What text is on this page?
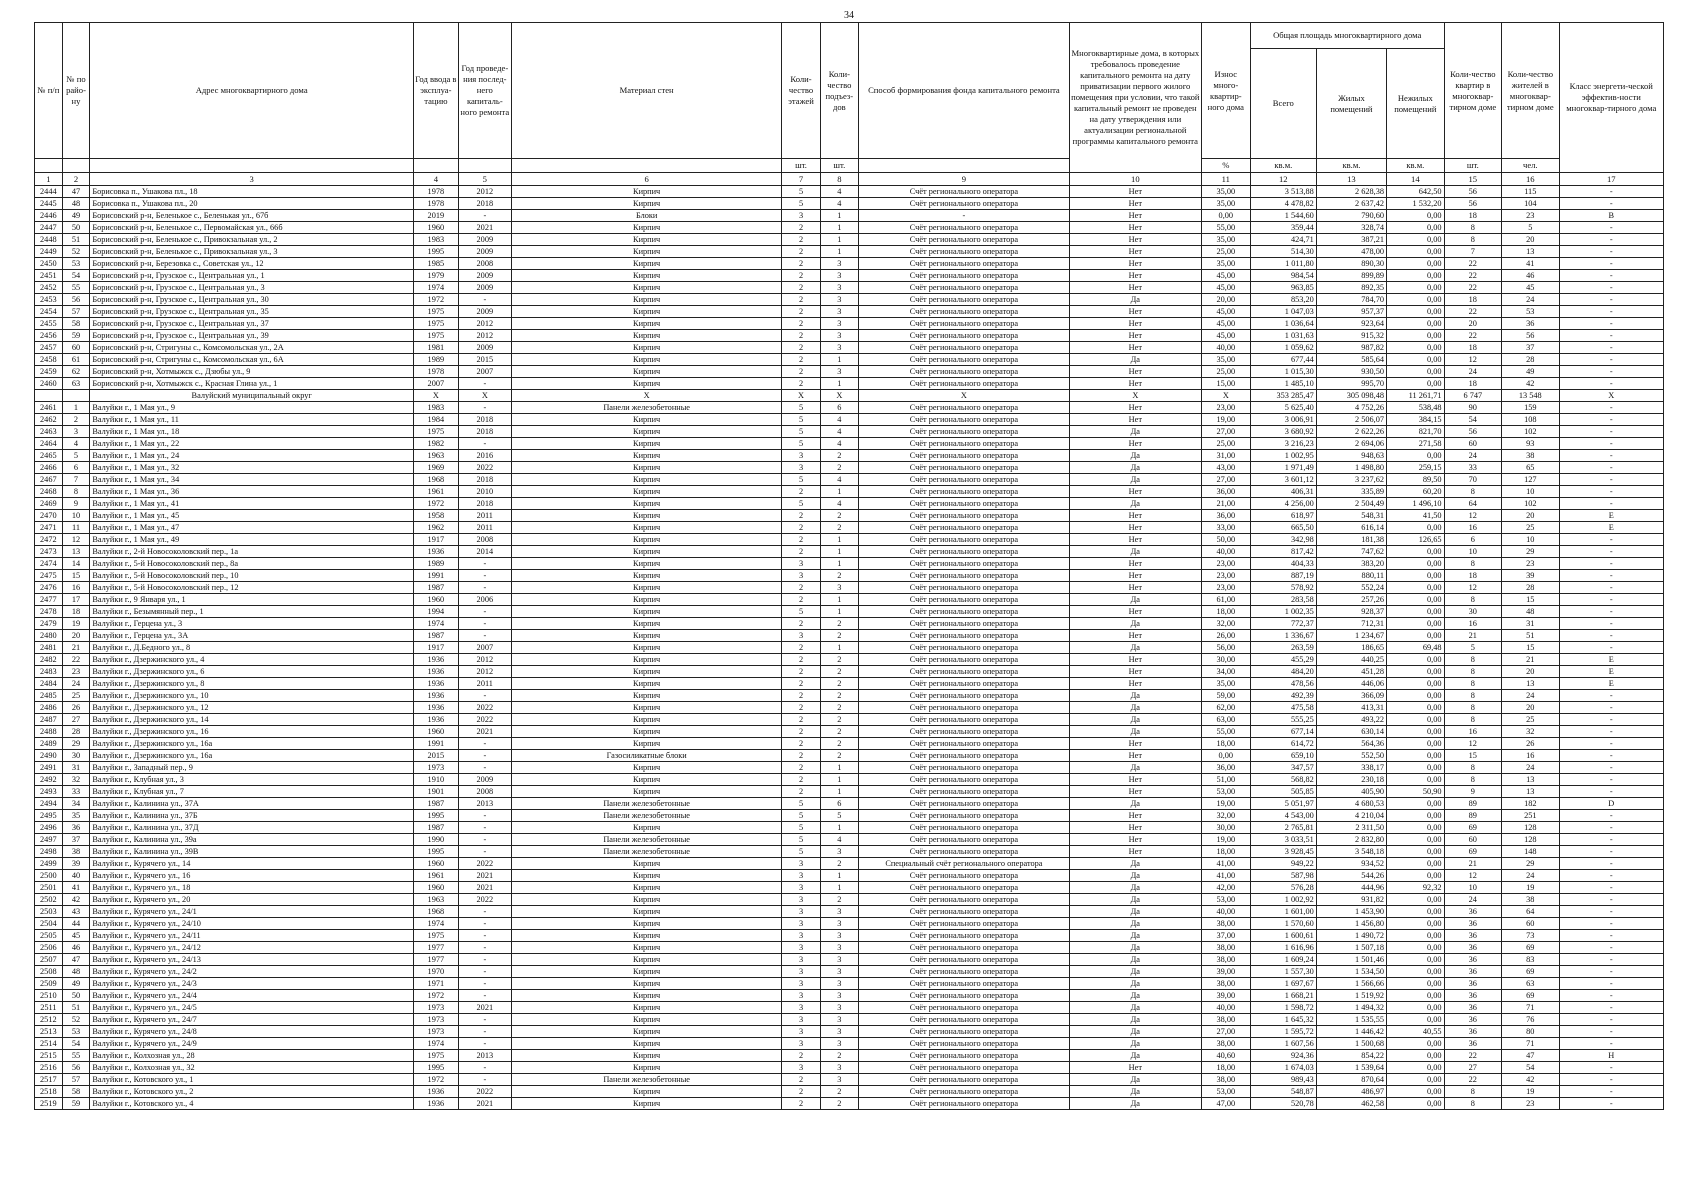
34
№ п/п	№ по райо-ну	Адрес многоквартирного дома	Год ввода в эксплуа-тацию	Год проведе-ния послед-него капиталь-ного ремонта	Материал стен	Коли-чество этажей	Коли-чество подъез-дов	Способ формирования фонда капитального ремонта	Многоквартирные дома, в которых требовалось проведение капитального ремонта на дату приватизации первого жилого помещения при условии, что такой капитальный ремонт не проведен на дату утверждения или актуализации региональной программы капитального ремонта	Износ много-квартир-ного дома	Общая площадь многоквартирного дома			Коли-чество квартир в многоквар-тирном доме	Коли-чество жителей в многоквар-тирном доме	Класс энергети-ческой эффектив-ности многоквар-тирного дома
											Всего	Жилых помещений	Нежилых помещений			
						шт.	шт.			%	кв.м.	кв.м.	кв.м.	шт.	чел.	
1	2	3	4	5	6	7	8	9	10	11	12	13	14	15	16	17
2444	47	Борисовка п., Ушакова пл., 18	1978	2012	Кирпич	5	4	Счёт регионального оператора	Нет	35,00	3 513,88	2 628,38	642,50	56	115	-
2445	48	Борисовка п., Ушакова пл., 20	1978	2018	Кирпич	5	4	Счёт регионального оператора	Нет	35,00	4 478,82	2 637,42	1 532,20	56	104	-
2446	49	Борисовский р-н, Беленькое с., Беленькая ул., 67б	2019	-	Блоки	3	1	-	Нет	0,00	1 544,60	790,60	0,00	18	23	В
2447	50	Борисовский р-н, Беленькое с., Первомайская ул., 66б	1960	2021	Кирпич	2	1	Счёт регионального оператора	Нет	55,00	359,44	328,74	0,00	8	5	-
2448	51	Борисовский р-н, Беленькое с., Привокзальная ул., 2	1983	2009	Кирпич	2	1	Счёт регионального оператора	Нет	35,00	424,71	387,21	0,00	8	20	-
2449	52	Борисовский р-н, Беленькое с., Привокзальная ул., 3	1995	2009	Кирпич	2	1	Счёт регионального оператора	Нет	25,00	514,30	478,00	0,00	7	13	-
2450	53	Борисовский р-н, Березовка с., Советская ул., 12	1985	2008	Кирпич	2	3	Счёт регионального оператора	Нет	35,00	1 011,80	890,30	0,00	22	41	-
2451	54	Борисовский р-н, Грузское с., Центральная ул., 1	1979	2009	Кирпич	2	3	Счёт регионального оператора	Нет	45,00	984,54	899,89	0,00	22	46	-
2452	55	Борисовский р-н, Грузское с., Центральная ул., 3	1974	2009	Кирпич	2	3	Счёт регионального оператора	Нет	45,00	963,85	892,35	0,00	22	45	-
2453	56	Борисовский р-н, Грузское с., Центральная ул., 30	1972	-	Кирпич	2	3	Счёт регионального оператора	Да	20,00	853,20	784,70	0,00	18	24	-
2454	57	Борисовский р-н, Грузское с., Центральная ул., 35	1975	2009	Кирпич	2	3	Счёт регионального оператора	Нет	45,00	1 047,03	957,37	0,00	22	53	-
2455	58	Борисовский р-н, Грузское с., Центральная ул., 37	1975	2012	Кирпич	2	3	Счёт регионального оператора	Нет	45,00	1 036,64	923,64	0,00	20	36	-
2456	59	Борисовский р-н, Грузское с., Центральная ул., 39	1975	2012	Кирпич	2	3	Счёт регионального оператора	Нет	45,00	1 031,63	915,32	0,00	22	56	-
2457	60	Борисовский р-н, Стригуны с., Комсомольская ул., 2А	1981	2009	Кирпич	2	3	Счёт регионального оператора	Нет	40,00	1 059,62	987,82	0,00	18	37	-
2458	61	Борисовский р-н, Стригуны с., Комсомольская ул., 6А	1989	2015	Кирпич	2	1	Счёт регионального оператора	Да	35,00	677,44	585,64	0,00	12	28	-
2459	62	Борисовский р-н, Хотмыжск с., Дзюбы ул., 9	1978	2007	Кирпич	2	3	Счёт регионального оператора	Нет	25,00	1 015,30	930,50	0,00	24	49	-
2460	63	Борисовский р-н, Хотмыжск с., Красная Глина ул., 1	2007	-	Кирпич	2	1	Счёт регионального оператора	Нет	15,00	1 485,10	995,70	0,00	18	42	-
		Валуйский муниципальный округ	X	X	X	X	X	X	X	X	353 285,47	305 098,48	11 261,71	6 747	13 548	X
2461	1	Валуйки г., 1 Мая ул., 9	1983	-	Панели железобетонные	5	6	Счёт регионального оператора	Нет	23,00	5 625,40	4 752,26	538,48	90	159	-
2462	2	Валуйки г., 1 Мая ул., 11	1984	2018	Кирпич	5	4	Счёт регионального оператора	Нет	19,00	3 006,91	2 506,07	384,15	54	108	-
2463	3	Валуйки г., 1 Мая ул., 18	1975	2018	Кирпич	5	4	Счёт регионального оператора	Да	27,00	3 680,92	2 622,26	821,70	56	102	-
2464	4	Валуйки г., 1 Мая ул., 22	1982	-	Кирпич	5	4	Счёт регионального оператора	Нет	25,00	3 216,23	2 694,06	271,58	60	93	-
2465	5	Валуйки г., 1 Мая ул., 24	1963	2016	Кирпич	3	2	Счёт регионального оператора	Да	31,00	1 002,95	948,63	0,00	24	38	-
2466	6	Валуйки г., 1 Мая ул., 32	1969	2022	Кирпич	3	2	Счёт регионального оператора	Да	43,00	1 971,49	1 498,80	259,15	33	65	-
2467	7	Валуйки г., 1 Мая ул., 34	1968	2018	Кирпич	5	4	Счёт регионального оператора	Да	27,00	3 601,12	3 237,62	89,50	70	127	-
2468	8	Валуйки г., 1 Мая ул., 36	1961	2010	Кирпич	2	1	Счёт регионального оператора	Нет	36,00	406,31	335,89	60,20	8	10	-
2469	9	Валуйки г., 1 Мая ул., 41	1972	2018	Кирпич	5	4	Счёт регионального оператора	Да	21,00	4 256,00	2 504,49	1 496,10	64	102	-
2470	10	Валуйки г., 1 Мая ул., 45	1958	2011	Кирпич	2	2	Счёт регионального оператора	Нет	36,00	618,97	548,31	41,50	12	20	Е
2471	11	Валуйки г., 1 Мая ул., 47	1962	2011	Кирпич	2	2	Счёт регионального оператора	Нет	33,00	665,50	616,14	0,00	16	25	Е
2472	12	Валуйки г., 1 Мая ул., 49	1917	2008	Кирпич	2	1	Счёт регионального оператора	Нет	50,00	342,98	181,38	126,65	6	10	-
2473	13	Валуйки г., 2-й Новосоколовский пер., 1а	1936	2014	Кирпич	2	1	Счёт регионального оператора	Да	40,00	817,42	747,62	0,00	10	29	-
2474	14	Валуйки г., 5-й Новосоколовский пер., 8а	1989	-	Кирпич	3	1	Счёт регионального оператора	Нет	23,00	404,33	383,20	0,00	8	23	-
2475	15	Валуйки г., 5-й Новосоколовский пер., 10	1991	-	Кирпич	3	2	Счёт регионального оператора	Нет	23,00	887,19	880,11	0,00	18	39	-
2476	16	Валуйки г., 5-й Новосоколовский пер., 12	1987	-	Кирпич	2	3	Счёт регионального оператора	Нет	23,00	578,92	552,24	0,00	12	28	-
2477	17	Валуйки г., 9 Января ул., 1	1960	2006	Кирпич	2	1	Счёт регионального оператора	Да	61,00	283,58	257,26	0,00	8	15	-
2478	18	Валуйки г., Безымянный пер., 1	1994	-	Кирпич	5	1	Счёт регионального оператора	Нет	18,00	1 002,35	928,37	0,00	30	48	-
2479	19	Валуйки г., Герцена ул., 3	1974	-	Кирпич	2	2	Счёт регионального оператора	Да	32,00	772,37	712,31	0,00	16	31	-
2480	20	Валуйки г., Герцена ул., 3А	1987	-	Кирпич	3	2	Счёт регионального оператора	Нет	26,00	1 336,67	1 234,67	0,00	21	51	-
2481	21	Валуйки г., Д.Бедного ул., 8	1917	2007	Кирпич	2	1	Счёт регионального оператора	Да	56,00	263,59	186,65	69,48	5	15	-
2482	22	Валуйки г., Дзержинского ул., 4	1936	2012	Кирпич	2	2	Счёт регионального оператора	Нет	30,00	455,29	440,25	0,00	8	21	Е
2483	23	Валуйки г., Дзержинского ул., 6	1936	2012	Кирпич	2	2	Счёт регионального оператора	Нет	34,00	484,20	451,28	0,00	8	20	Е
2484	24	Валуйки г., Дзержинского ул., 8	1936	2011	Кирпич	2	2	Счёт регионального оператора	Нет	35,00	478,56	446,06	0,00	8	13	Е
2485	25	Валуйки г., Дзержинского ул., 10	1936	-	Кирпич	2	2	Счёт регионального оператора	Да	59,00	492,39	366,09	0,00	8	24	-
2486	26	Валуйки г., Дзержинского ул., 12	1936	2022	Кирпич	2	2	Счёт регионального оператора	Да	62,00	475,58	413,31	0,00	8	20	-
2487	27	Валуйки г., Дзержинского ул., 14	1936	2022	Кирпич	2	2	Счёт регионального оператора	Да	63,00	555,25	493,22	0,00	8	25	-
2488	28	Валуйки г., Дзержинского ул., 16	1960	2021	Кирпич	2	2	Счёт регионального оператора	Да	55,00	677,14	630,14	0,00	16	32	-
2489	29	Валуйки г., Дзержинского ул., 16а	1991	-	Кирпич	2	2	Счёт регионального оператора	Нет	18,00	614,72	564,36	0,00	12	26	-
2490	30	Валуйки г., Дзержинского ул., 16а	2015	-	Газосиликатные блоки	2	2	Счёт регионального оператора	Нет	0,00	659,10	552,50	0,00	15	16	-
2491	31	Валуйки г., Западный пер., 9	1973	-	Кирпич	2	1	Счёт регионального оператора	Да	36,00	347,57	338,17	0,00	8	24	-
2492	32	Валуйки г., Клубная ул., 3	1910	2009	Кирпич	2	1	Счёт регионального оператора	Нет	51,00	568,82	230,18	0,00	8	13	-
2493	33	Валуйки г., Клубная ул., 7	1901	2008	Кирпич	2	1	Счёт регионального оператора	Нет	53,00	505,85	405,90	50,90	9	13	-
2494	34	Валуйки г., Калинина ул., 37А	1987	2013	Панели железобетонные	5	6	Счёт регионального оператора	Да	19,00	5 051,97	4 680,53	0,00	89	182	D
2495	35	Валуйки г., Калинина ул., 37Б	1995	-	Панели железобетонные	5	5	Счёт регионального оператора	Нет	32,00	4 543,00	4 210,04	0,00	89	251	-
2496	36	Валуйки г., Калинина ул., 37Д	1987	-	Кирпич	5	1	Счёт регионального оператора	Нет	30,00	2 765,81	2 311,50	0,00	69	128	-
2497	37	Валуйки г., Калинина ул., 39а	1990	-	Панели железобетонные	5	4	Счёт регионального оператора	Нет	19,00	3 033,51	2 832,80	0,00	60	128	-
2498	38	Валуйки г., Калинина ул., 39В	1995	-	Панели железобетонные	5	3	Счёт регионального оператора	Нет	18,00	3 928,45	3 548,18	0,00	69	148	-
2499	39	Валуйки г., Курячего ул., 14	1960	2022	Кирпич	3	2	Специальный счёт регионального оператора	Да	41,00	949,22	934,52	0,00	21	29	-
2500	40	Валуйки г., Курячего ул., 16	1961	2021	Кирпич	3	1	Счёт регионального оператора	Да	41,00	587,98	544,26	0,00	12	24	-
2501	41	Валуйки г., Курячего ул., 18	1960	2021	Кирпич	3	1	Счёт регионального оператора	Да	42,00	576,28	444,96	92,32	10	19	-
2502	42	Валуйки г., Курячего ул., 20	1963	2022	Кирпич	3	2	Счёт регионального оператора	Да	53,00	1 002,92	931,82	0,00	24	38	-
2503	43	Валуйки г., Курячего ул., 24/1	1968	-	Кирпич	3	3	Счёт регионального оператора	Да	40,00	1 601,00	1 453,90	0,00	36	64	-
2504	44	Валуйки г., Курячего ул., 24/10	1974	-	Кирпич	3	3	Счёт регионального оператора	Да	38,00	1 570,60	1 456,80	0,00	36	60	-
2505	45	Валуйки г., Курячего ул., 24/11	1975	-	Кирпич	3	3	Счёт регионального оператора	Да	37,00	1 600,61	1 490,72	0,00	36	73	-
2506	46	Валуйки г., Курячего ул., 24/12	1977	-	Кирпич	3	3	Счёт регионального оператора	Да	38,00	1 616,96	1 507,18	0,00	36	69	-
2507	47	Валуйки г., Курячего ул., 24/13	1977	-	Кирпич	3	3	Счёт регионального оператора	Да	38,00	1 609,24	1 501,46	0,00	36	83	-
2508	48	Валуйки г., Курячего ул., 24/2	1970	-	Кирпич	3	3	Счёт регионального оператора	Да	39,00	1 557,30	1 534,50	0,00	36	69	-
2509	49	Валуйки г., Курячего ул., 24/3	1971	-	Кирпич	3	3	Счёт регионального оператора	Да	38,00	1 697,67	1 566,66	0,00	36	63	-
2510	50	Валуйки г., Курячего ул., 24/4	1972	-	Кирпич	3	3	Счёт регионального оператора	Да	39,00	1 668,21	1 519,92	0,00	36	69	-
2511	51	Валуйки г., Курячего ул., 24/5	1973	2021	Кирпич	3	3	Счёт регионального оператора	Да	40,00	1 598,72	1 494,32	0,00	36	71	-
2512	52	Валуйки г., Курячего ул., 24/7	1973	-	Кирпич	3	3	Счёт регионального оператора	Да	38,00	1 645,32	1 535,55	0,00	36	76	-
2513	53	Валуйки г., Курячего ул., 24/8	1973	-	Кирпич	3	3	Счёт регионального оператора	Да	27,00	1 595,72	1 446,42	40,55	36	80	-
2514	54	Валуйки г., Курячего ул., 24/9	1974	-	Кирпич	3	3	Счёт регионального оператора	Да	38,00	1 607,56	1 500,68	0,00	36	71	-
2515	55	Валуйки г., Колхозная ул., 28	1975	2013	Кирпич	2	2	Счёт регионального оператора	Да	40,60	924,36	854,22	0,00	22	47	Н
2516	56	Валуйки г., Колхозная ул., 32	1995	-	Кирпич	3	3	Счёт регионального оператора	Нет	18,00	1 674,03	1 539,64	0,00	27	54	-
2517	57	Валуйки г., Котовского ул., 1	1972	-	Панели железобетонные	2	3	Счёт регионального оператора	Да	38,00	989,43	870,64	0,00	22	42	-
2518	58	Валуйки г., Котовского ул., 2	1936	2022	Кирпич	2	2	Счёт регионального оператора	Да	53,00	548,87	486,97	0,00	8	19	-
2519	59	Валуйки г., Котовского ул., 4	1936	2021	Кирпич	2	2	Счёт регионального оператора	Да	47,00	520,78	462,58	0,00	8	23	-
